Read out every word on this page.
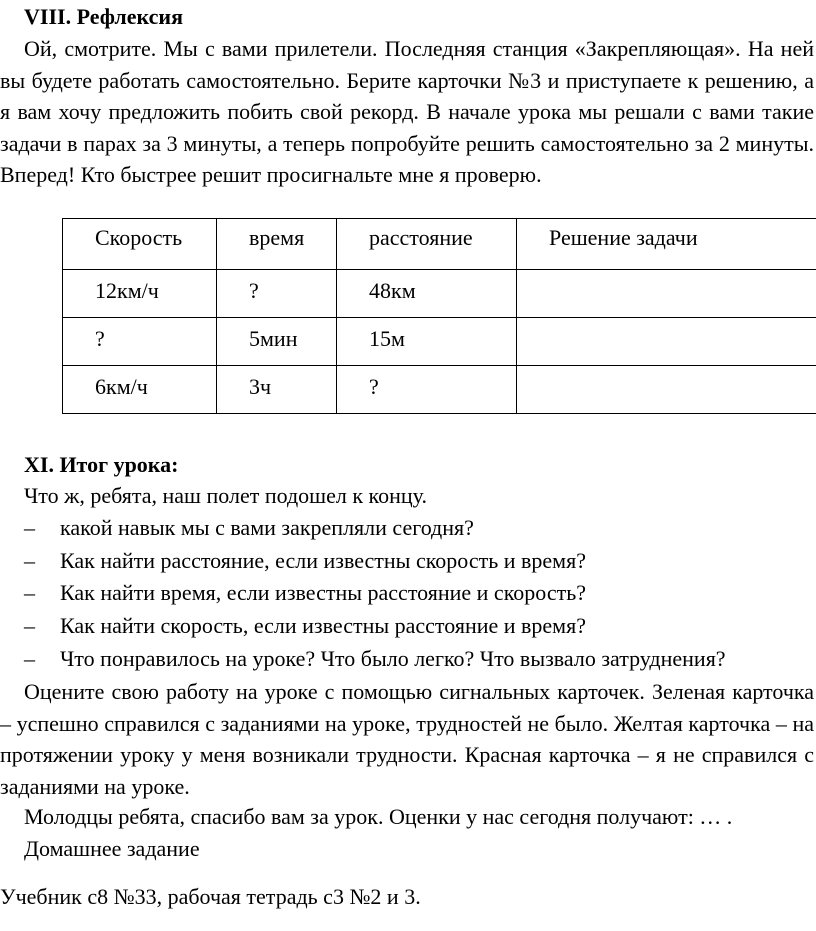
VIII. Рефлексия

Ой, смотрите. Мы с вами прилетели. Последняя станция «Закрепляющая». На ней вы будете работать самостоятельно. Берите карточки №3 и приступаете к решению, а я вам хочу предложить побить свой рекорд. В начале урока мы решали с вами такие задачи в парах за 3 минуты, а теперь попробуйте решить самостоятельно за 2 минуты. Вперед! Кто быстрее решит просигнальте мне я проверю.

Скорость	время	расстояние	Решение задачи
12км/ч	?	48км	
?	5мин	15м	
6км/ч	3ч	?	
XI. Итог урока:
Что ж, ребята, наш полет подошел к концу.
– какой навык мы с вами закрепляли сегодня?
– Как найти расстояние, если известны скорость и время?
– Как найти время, если известны расстояние и скорость?
– Как найти скорость, если известны расстояние и время?
– Что понравилось на уроке? Что было легко? Что вызвало затруднения?

Оцените свою работу на уроке с помощью сигнальных карточек. Зеленая карточка – успешно справился с заданиями на уроке, трудностей не было. Желтая карточка – на протяжении уроку у меня возникали трудности. Красная карточка – я не справился с заданиями на уроке.

Молодцы ребята, спасибо вам за урок. Оценки у нас сегодня получают: … .
Домашнее задание
Учебник с8 №33, рабочая тетрадь с3 №2 и 3.
